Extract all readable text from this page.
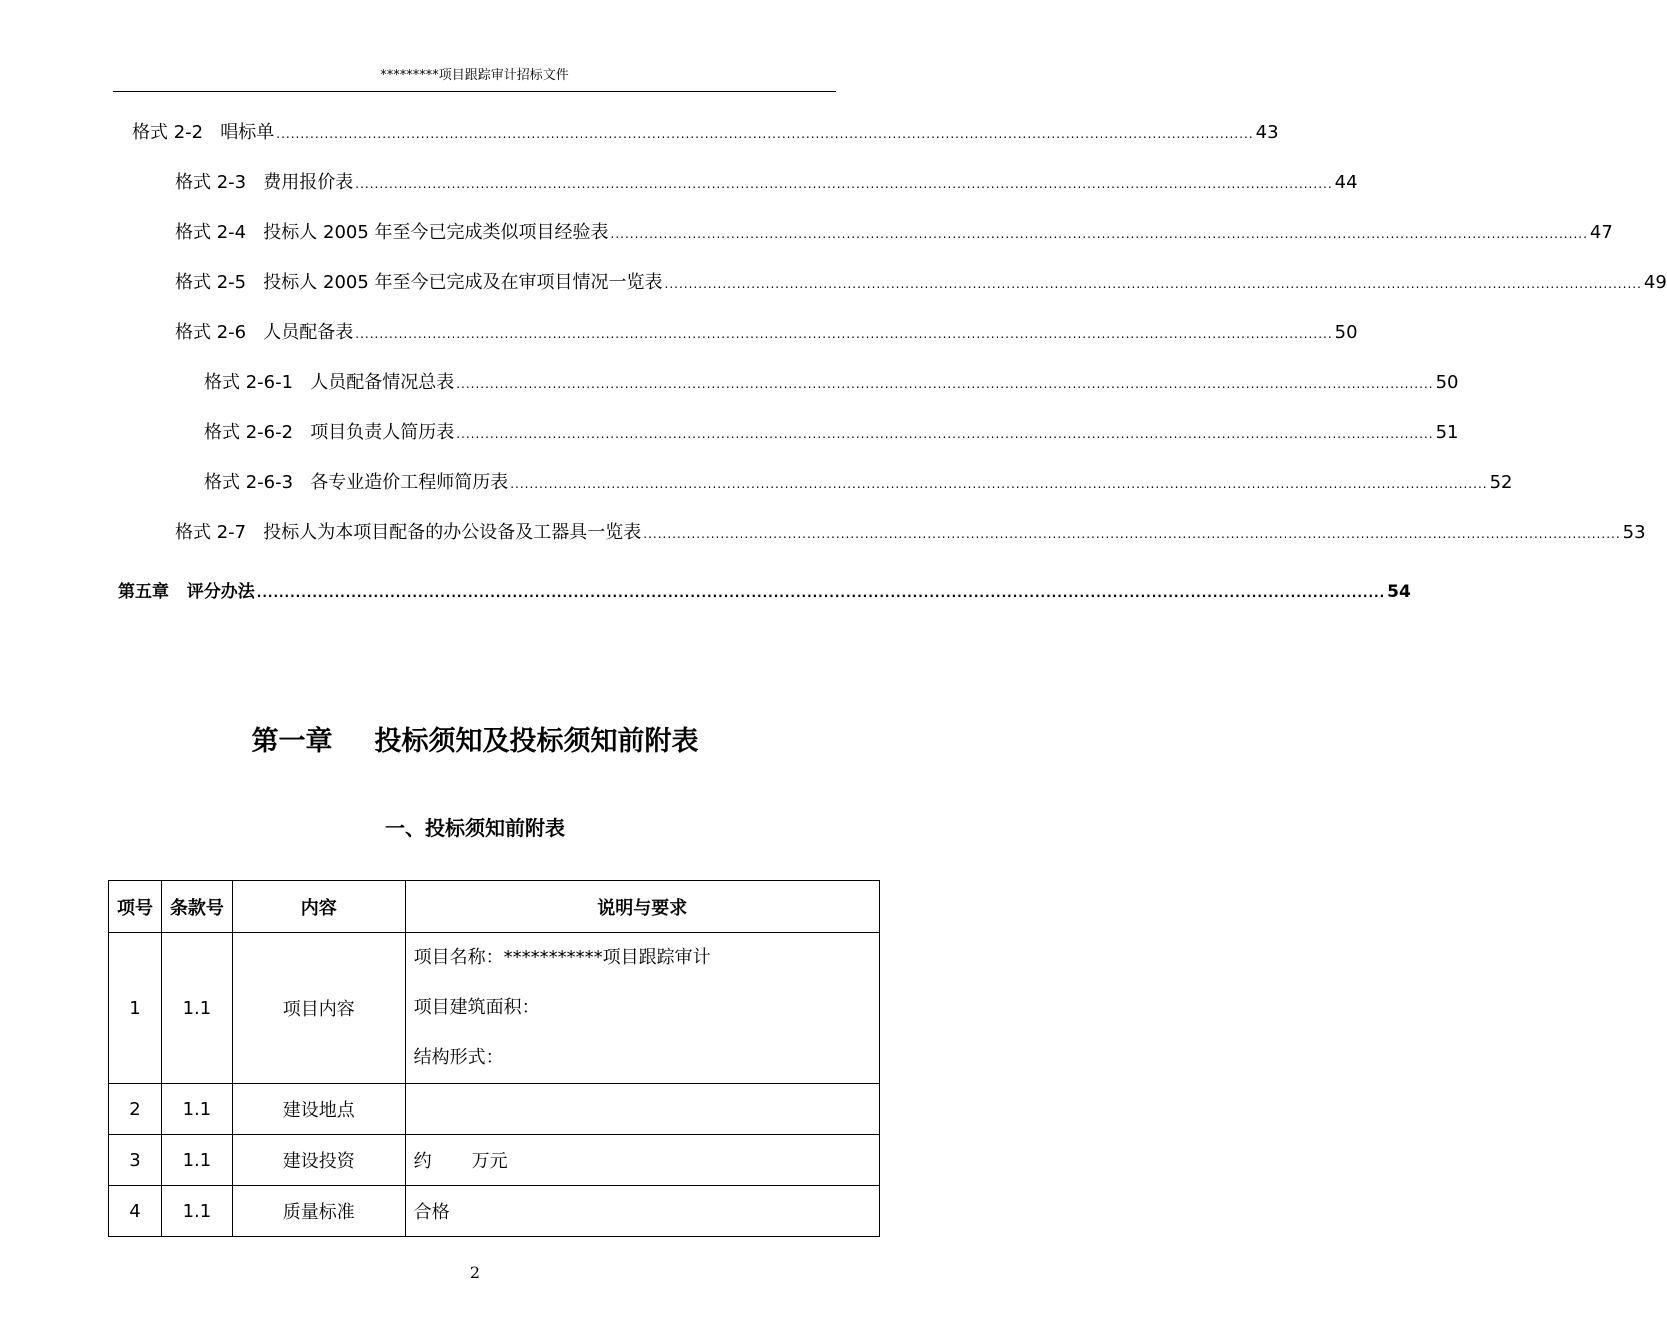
*********项目跟踪审计招标文件
格式 2-2   唱标单 ........................................................................................................................................................................................................... 43
格式 2-3   费用报价表 ........................................................................................................................................................................................................... 44
格式 2-4   投标人 2005 年至今已完成类似项目经验表 ........................................................................................................................................................................................................... 47
格式 2-5   投标人 2005 年至今已完成及在审项目情况一览表 ........................................................................................................................................................................................................... 49
格式 2-6   人员配备表 ........................................................................................................................................................................................................... 50
格式 2-6-1   人员配备情况总表 ........................................................................................................................................................................................................... 50
格式 2-6-2   项目负责人简历表 ........................................................................................................................................................................................................... 51
格式 2-6-3   各专业造价工程师简历表 ........................................................................................................................................................................................................... 52
格式 2-7   投标人为本项目配备的办公设备及工器具一览表 ........................................................................................................................................................................................................... 53
第五章   评分办法 ........................................................................................................................................................................................................... 54
第一章 投标须知及投标须知前附表
一、投标须知前附表
项号	条款号	内容	说明与要求
1	1.1	项目内容	项目名称：***********项目跟踪审计
项目建筑面积：
结构形式：

2	1.1	建设地点	
3	1.1	建设投资	约       万元
4	1.1	质量标准	合格
2
